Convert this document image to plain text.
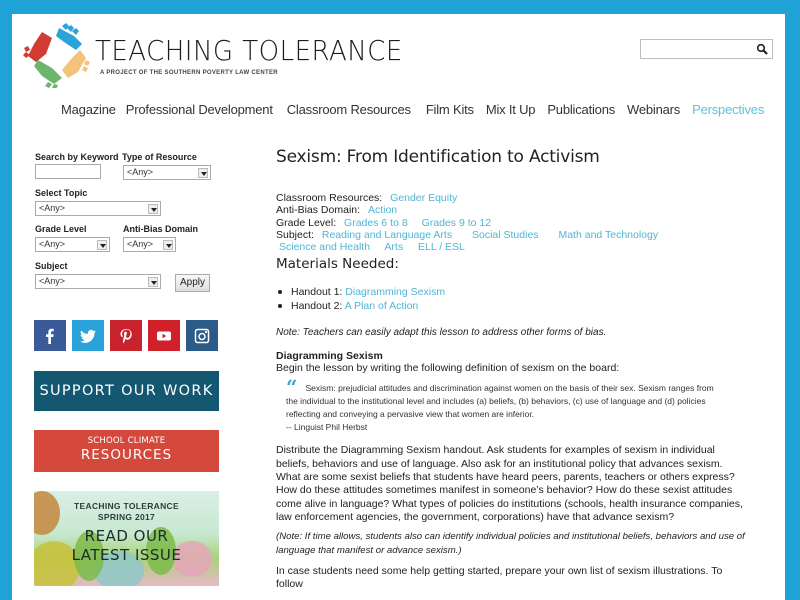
TEACHING TOLERANCE
A PROJECT OF THE SOUTHERN POVERTY LAW CENTER
Magazine Professional Development Classroom Resources Film Kits Mix It Up Publications Webinars Perspectives
Search by Keyword Type of Resource
<Any>
Select Topic
<Any>
Grade Level
<Any>
Anti-Bias Domain
<Any>
Subject
<Any>	Apply
SUPPORT OUR WORK
SCHOOL CLIMATE
RESOURCES
TEACHING TOLERANCE
SPRING 2017
READ OUR
LATEST ISSUE
Sexism: From Identification to Activism
Classroom Resources: Gender Equity
Anti-Bias Domain: Action
Grade Level: Grades 6 to 8 Grades 9 to 12
Subject: Reading and Language Arts Social Studies Math and Technology
Science and Health Arts ELL / ESL
Materials Needed:
Handout 1: Diagramming Sexism
Handout 2: A Plan of Action
Note: Teachers can easily adapt this lesson to address other forms of bias.
Diagramming Sexism
Begin the lesson by writing the following definition of sexism on the board:
“ Sexism: prejudicial attitudes and discrimination against women on the basis of their sex. Sexism ranges from the individual to the institutional level and includes (a) beliefs, (b) behaviors, (c) use of language and (d) policies reflecting and conveying a pervasive view that women are inferior.
-- Linguist Phil Herbst
Distribute the Diagramming Sexism handout. Ask students for examples of sexism in individual beliefs, behaviors and use of language. Also ask for an institutional policy that advances sexism. What are some sexist beliefs that students have heard peers, parents, teachers or others express? How do these attitudes sometimes manifest in someone’s behavior? How do these sexist attitudes come alive in language? What types of policies do institutions (schools, health insurance companies, law enforcement agencies, the government, corporations) have that advance sexism?
(Note: If time allows, students also can identify individual policies and institutional beliefs, behaviors and use of language that manifest or advance sexism.)
In case students need some help getting started, prepare your own list of sexism illustrations. To follow
